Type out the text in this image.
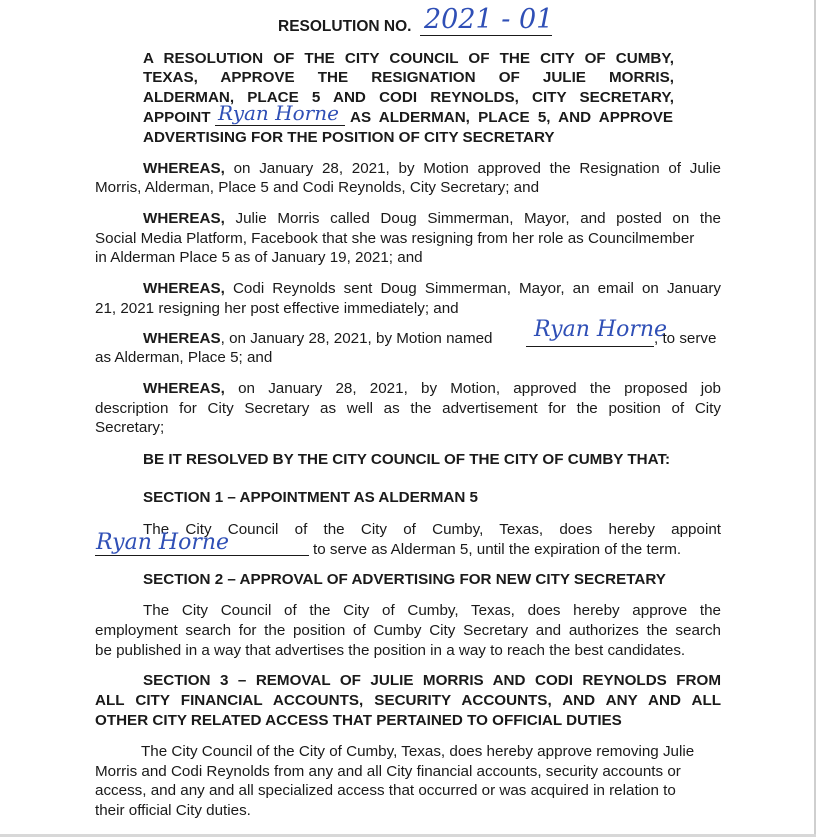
RESOLUTION NO. 2021 - 01
A RESOLUTION OF THE CITY COUNCIL OF THE CITY OF CUMBY,
TEXAS, APPROVE THE RESIGNATION OF JULIE MORRIS,
ALDERMAN, PLACE 5 AND CODI REYNOLDS, CITY SECRETARY,
APPOINT Ryan Horne AS ALDERMAN, PLACE 5, AND APPROVE
ADVERTISING FOR THE POSITION OF CITY SECRETARY
WHEREAS, on January 28, 2021, by Motion approved the Resignation of Julie
Morris, Alderman, Place 5 and Codi Reynolds, City Secretary; and
WHEREAS, Julie Morris called Doug Simmerman, Mayor, and posted on the
Social Media Platform, Facebook that she was resigning from her role as Councilmember
in Alderman Place 5 as of January 19, 2021; and
WHEREAS, Codi Reynolds sent Doug Simmerman, Mayor, an email on January
21, 2021 resigning her post effective immediately; and
WHEREAS, on January 28, 2021, by Motion named Ryan Horne
, to serve
as Alderman, Place 5; and
WHEREAS, on January 28, 2021, by Motion, approved the proposed job
description for City Secretary as well as the advertisement for the position of City
Secretary;
BE IT RESOLVED BY THE CITY COUNCIL OF THE CITY OF CUMBY THAT:
SECTION 1 – APPOINTMENT AS ALDERMAN 5
The City Council of the City of Cumby, Texas, does hereby appoint
Ryan Horne	to serve as Alderman 5, until the expiration of the term.
SECTION 2 – APPROVAL OF ADVERTISING FOR NEW CITY SECRETARY
The City Council of the City of Cumby, Texas, does hereby approve the
employment search for the position of Cumby City Secretary and authorizes the search
be published in a way that advertises the position in a way to reach the best candidates.
SECTION 3 – REMOVAL OF JULIE MORRIS AND CODI REYNOLDS FROM
ALL CITY FINANCIAL ACCOUNTS, SECURITY ACCOUNTS, AND ANY AND ALL
OTHER CITY RELATED ACCESS THAT PERTAINED TO OFFICIAL DUTIES
The City Council of the City of Cumby, Texas, does hereby approve removing Julie
Morris and Codi Reynolds from any and all City financial accounts, security accounts or
access, and any and all specialized access that occurred or was acquired in relation to
their official City duties.
